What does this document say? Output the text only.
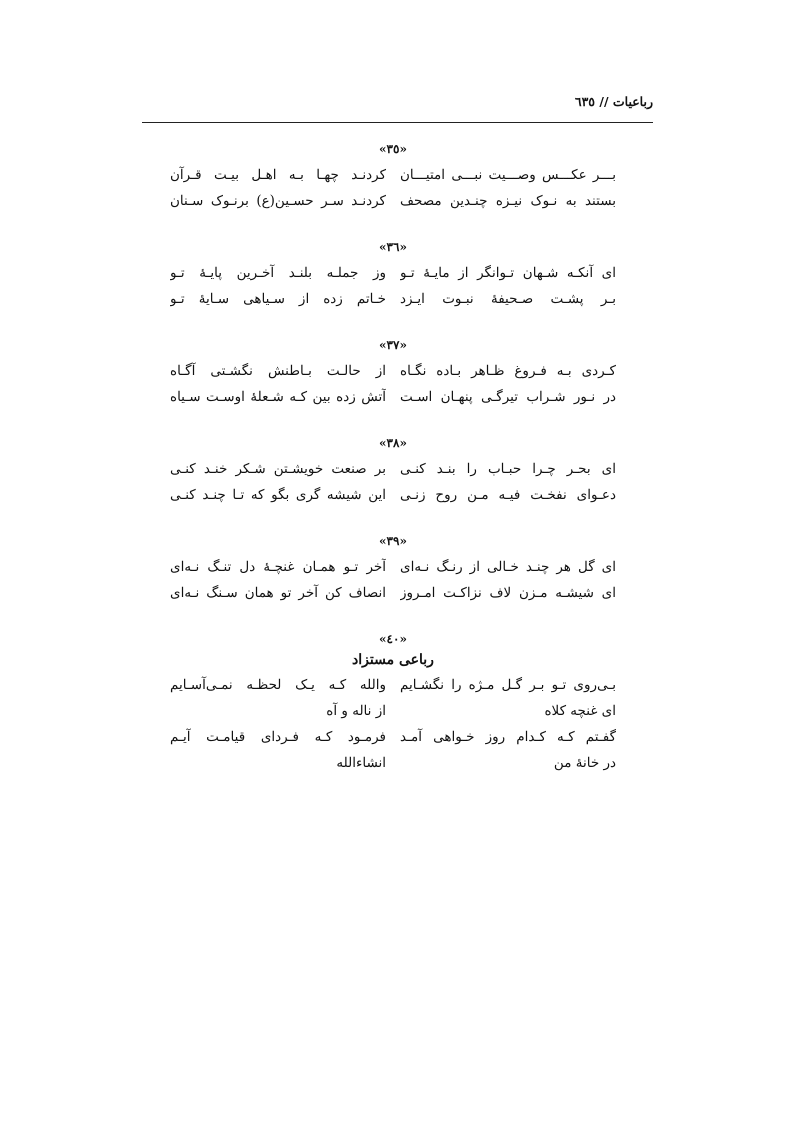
رباعیات // ٦٣٥
«٣٥»
بـــر عکـــس وصـــیت نبـــی امتیـــان
کردنـد چهـا بـه اهـل بیـت قـرآن
بستند به نـوک نیـزه چنـدین مصحف
کردنـد سـر حسـین(ع) برنـوک سـنان
«٣٦»
ای آنکـه شـهان تـوانگر از مایـهٔ تـو
وز جملـه بلنـد آخـرین پایـهٔ تـو
بـر پشـت صـحیفهٔ نبـوت ایـزد
خـاتم زده از سـیاهی سـایهٔ تـو
«٣٧»
کـردی بـه فـروغ ظـاهر بـاده نگـاه
از حالـت بـاطنش نگشـتی آگـاه
در نـور شـراب تیرگـی پنهـان اسـت
آتش زده بین کـه شـعلهٔ اوسـت سـیاه
«٣٨»
ای بحـر چـرا حبـاب را بنـد کنـی
بر صنعت خویشـتن شـکر خنـد کنـی
دعـوای نفخـت فیـه مـن روح زنـی
این شیشه گری بگو که تـا چنـد کنـی
«٣٩»
ای گل هر چنـد خـالی از رنـگ نـه‌ای
آخر تـو همـان غنچـهٔ دل تنـگ نـه‌ای
ای شیشـه مـزن لاف نزاکـت امـروز
انصاف کن آخر تو همان سـنگ نـه‌ای
«٤٠»
رباعی مستزاد
بـی‌روی تـو بـر گـل مـژه را نگشـایم
والله کـه یـک لحظـه نمـی‌آسـایم
ای غنچه کلاه
از ناله و آه
گفـتم کـه کـدام روز خـواهی آمـد
فرمـود کـه فـردای قیامـت آیـم
در خانهٔ من
انشاءالله
